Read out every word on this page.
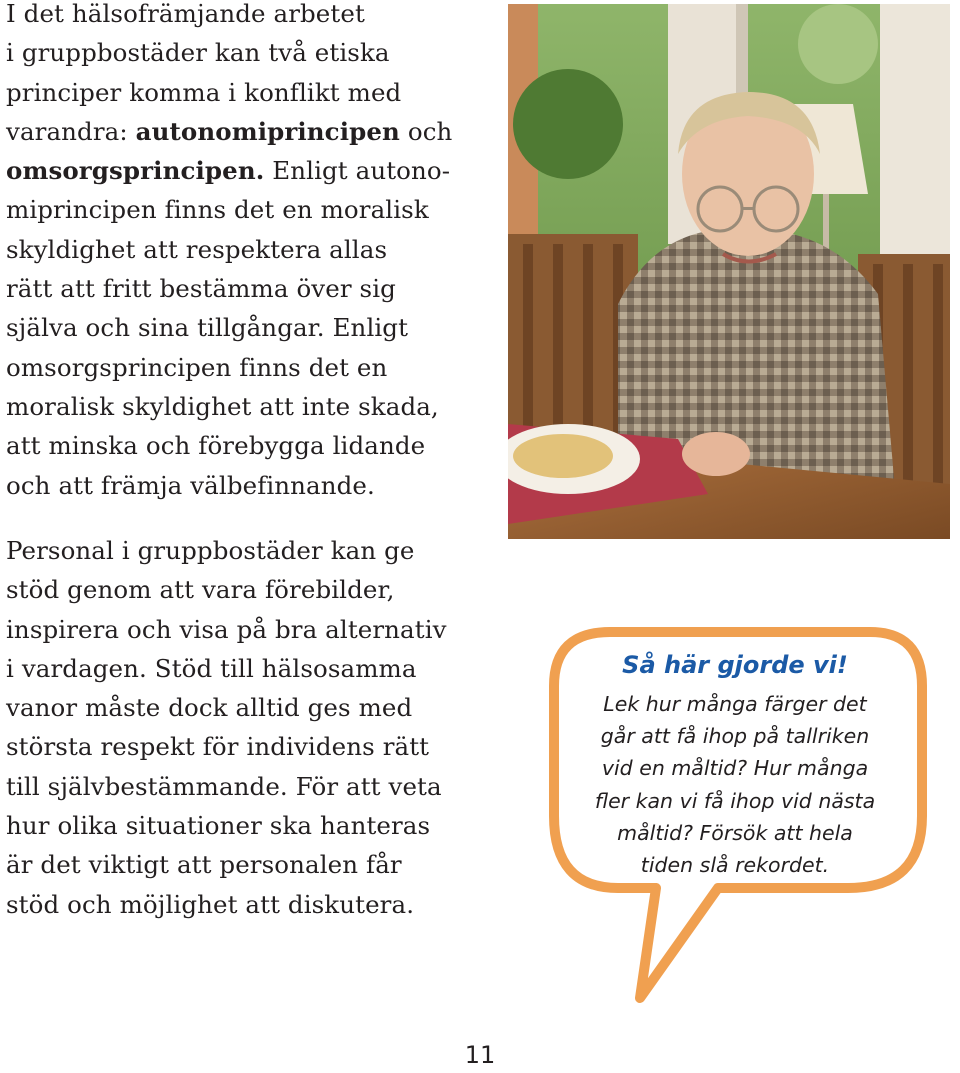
I det hälsofrämjande arbetet
i gruppbostäder kan två etiska
principer komma i konflikt med
varandra: autonomiprincipen och
omsorgsprincipen. Enligt autono-
miprincipen finns det en moralisk
skyldighet att respektera allas
rätt att fritt bestämma över sig
själva och sina tillgångar. Enligt
omsorgsprincipen finns det en
moralisk skyldighet att inte skada,
att minska och förebygga lidande
och att främja välbefinnande.

Personal i gruppbostäder kan ge
stöd genom att vara förebilder,
inspirera och visa på bra alternativ
i vardagen. Stöd till hälsosamma
vanor måste dock alltid ges med
största respekt för individens rätt
till självbestämmande. För att veta
hur olika situationer ska hanteras
är det viktigt att personalen får
stöd och möjlighet att diskutera.

Så här gjorde vi!
Lek hur många färger det
går att få ihop på tallriken
vid en måltid? Hur många
fler kan vi få ihop vid nästa
måltid? Försök att hela
tiden slå rekordet.
11
